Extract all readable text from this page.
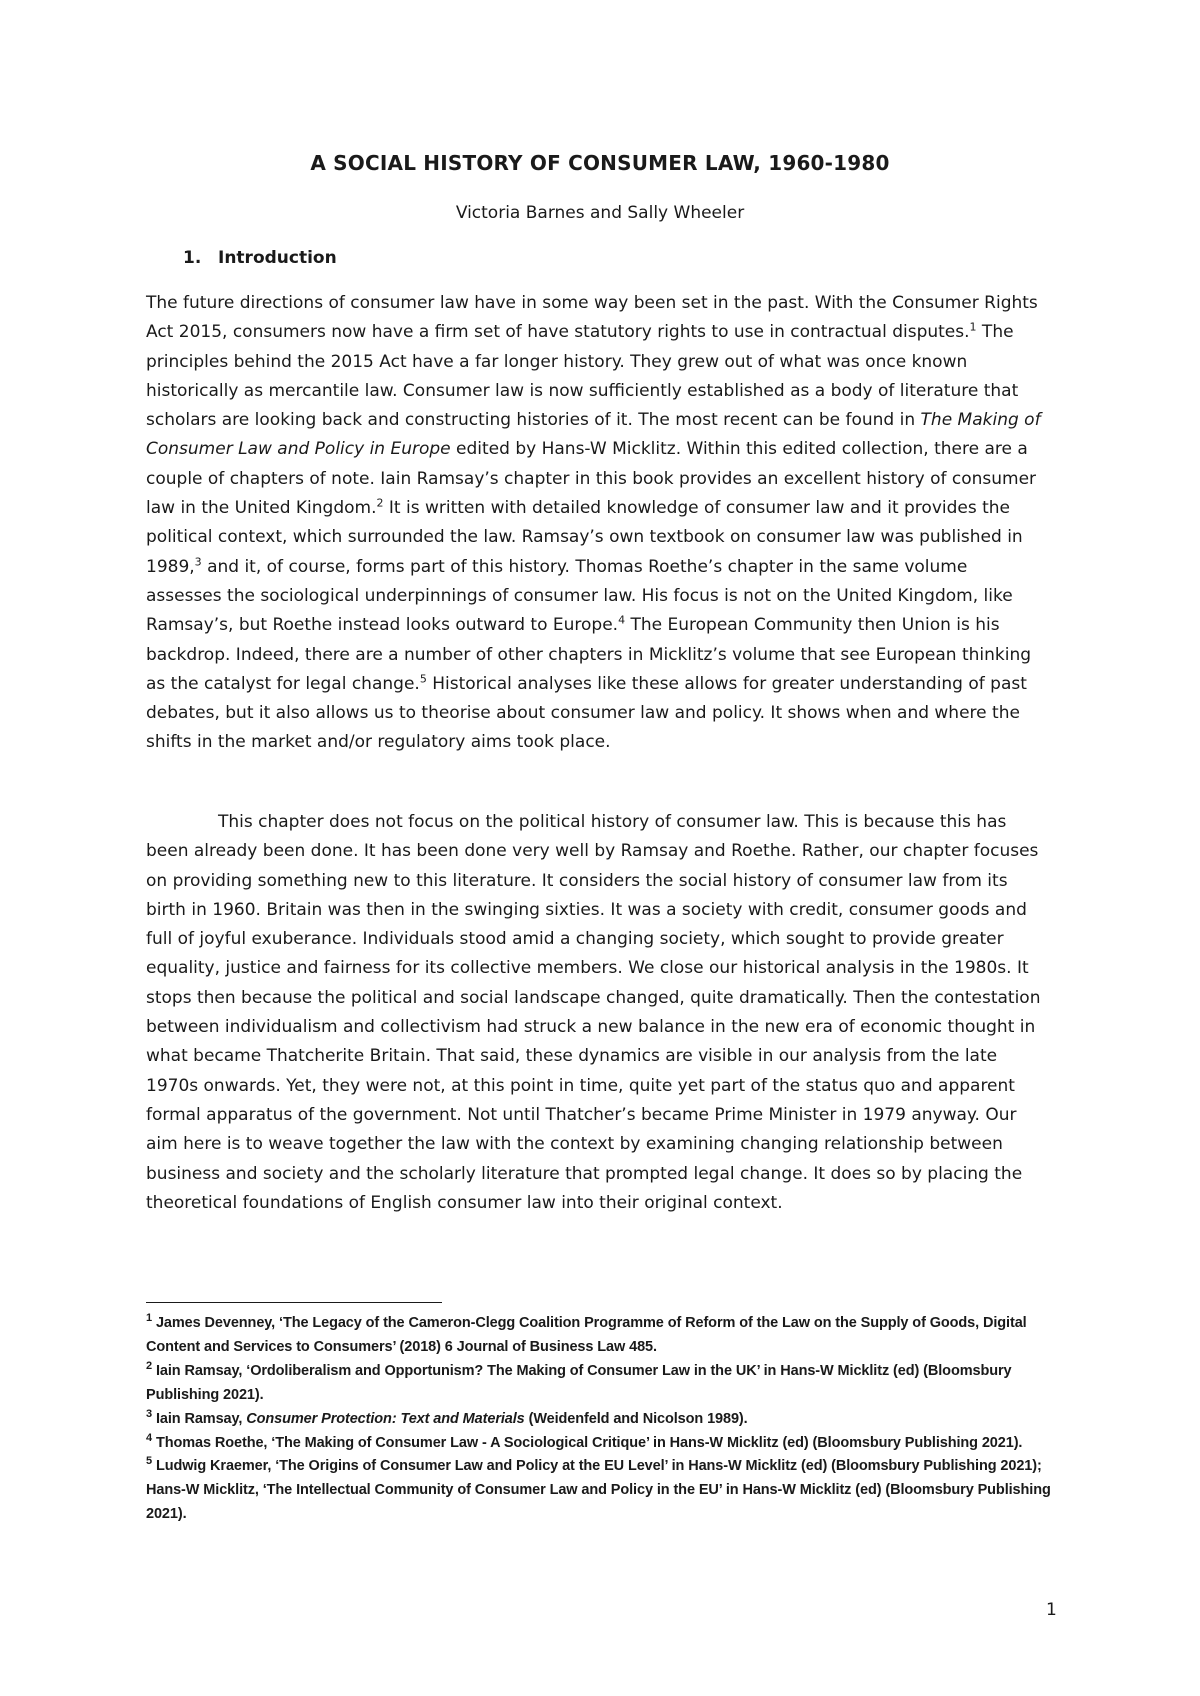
A SOCIAL HISTORY OF CONSUMER LAW, 1960-1980
Victoria Barnes and Sally Wheeler
1. Introduction

The future directions of consumer law have in some way been set in the past. With the Consumer Rights Act 2015, consumers now have a firm set of have statutory rights to use in contractual disputes.$^1$ The principles behind the 2015 Act have a far longer history. They grew out of what was once known historically as mercantile law. Consumer law is now sufficiently established as a body of literature that scholars are looking back and constructing histories of it. The most recent can be found in The Making of Consumer Law and Policy in Europe edited by Hans-W Micklitz. Within this edited collection, there are a couple of chapters of note. Iain Ramsay’s chapter in this book provides an excellent history of consumer law in the United Kingdom.$^2$ It is written with detailed knowledge of consumer law and it provides the political context, which surrounded the law. Ramsay’s own textbook on consumer law was published in 1989,$^3$ and it, of course, forms part of this history. Thomas Roethe’s chapter in the same volume assesses the sociological underpinnings of consumer law. His focus is not on the United Kingdom, like Ramsay’s, but Roethe instead looks outward to Europe.$^4$ The European Community then Union is his backdrop. Indeed, there are a number of other chapters in Micklitz’s volume that see European thinking as the catalyst for legal change.$^5$ Historical analyses like these allows for greater understanding of past debates, but it also allows us to theorise about consumer law and policy. It shows when and where the shifts in the market and/or regulatory aims took place.

This chapter does not focus on the political history of consumer law. This is because this has been already been done. It has been done very well by Ramsay and Roethe. Rather, our chapter focuses on providing something new to this literature. It considers the social history of consumer law from its birth in 1960. Britain was then in the swinging sixties. It was a society with credit, consumer goods and full of joyful exuberance. Individuals stood amid a changing society, which sought to provide greater equality, justice and fairness for its collective members. We close our historical analysis in the 1980s. It stops then because the political and social landscape changed, quite dramatically. Then the contestation between individualism and collectivism had struck a new balance in the new era of economic thought in what became Thatcherite Britain. That said, these dynamics are visible in our analysis from the late 1970s onwards. Yet, they were not, at this point in time, quite yet part of the status quo and apparent formal apparatus of the government. Not until Thatcher’s became Prime Minister in 1979 anyway. Our aim here is to weave together the law with the context by examining changing relationship between business and society and the scholarly literature that prompted legal change. It does so by placing the theoretical foundations of English consumer law into their original context.

$^1$ James Devenney, ‘The Legacy of the Cameron-Clegg Coalition Programme of Reform of the Law on the Supply of Goods, Digital Content and Services to Consumers’ (2018) 6 Journal of Business Law 485.

$^2$ Iain Ramsay, ‘Ordoliberalism and Opportunism? The Making of Consumer Law in the UK’ in Hans-W Micklitz (ed) (Bloomsbury Publishing 2021).

$^3$ Iain Ramsay, Consumer Protection: Text and Materials (Weidenfeld and Nicolson 1989).

$^4$ Thomas Roethe, ‘The Making of Consumer Law - A Sociological Critique’ in Hans-W Micklitz (ed) (Bloomsbury Publishing 2021).

$^5$ Ludwig Kraemer, ‘The Origins of Consumer Law and Policy at the EU Level’ in Hans-W Micklitz (ed) (Bloomsbury Publishing 2021); Hans-W Micklitz, ‘The Intellectual Community of Consumer Law and Policy in the EU’ in Hans-W Micklitz (ed) (Bloomsbury Publishing 2021).

1
